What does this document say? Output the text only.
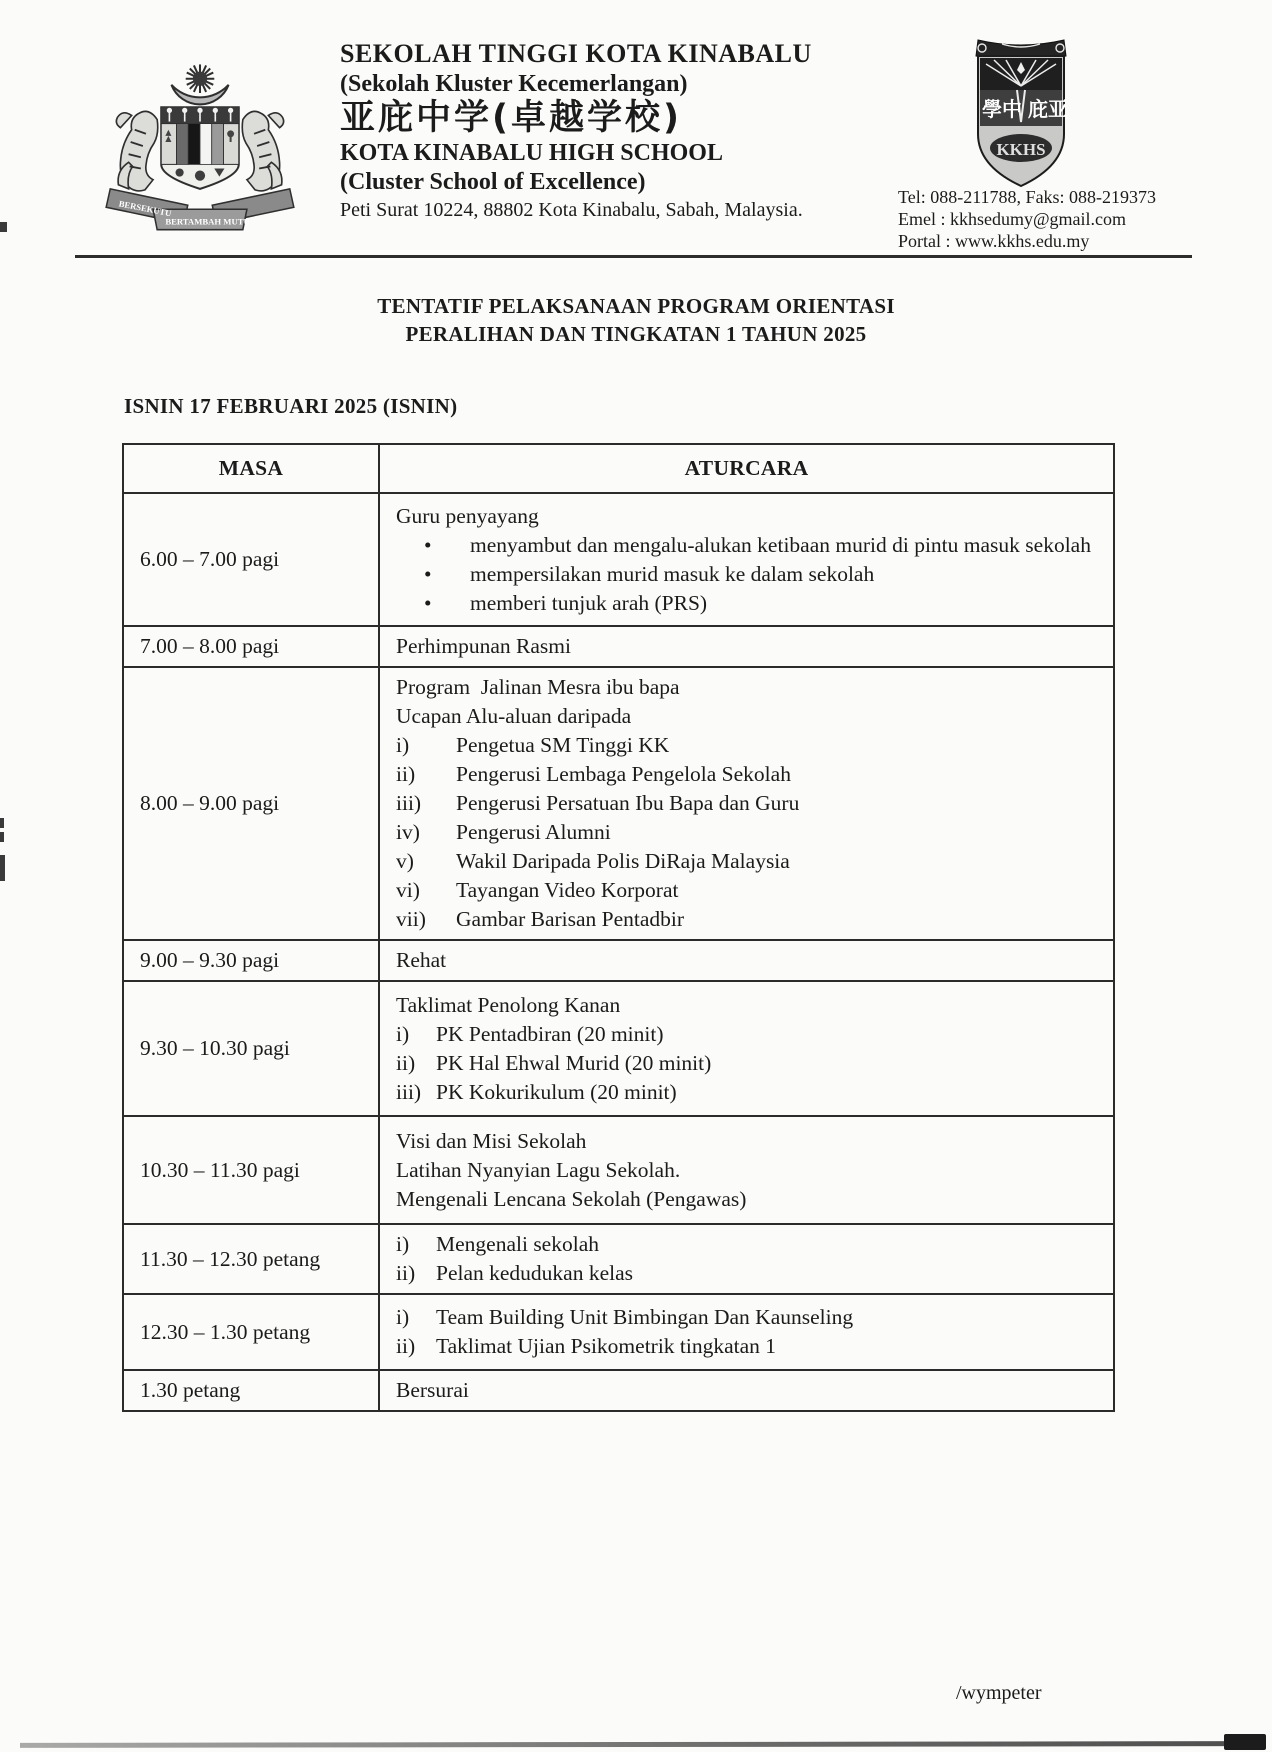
BERSEKUTU
BERTAMBAH MUTU
SEKOLAH TINGGI KOTA KINABALU
(Sekolah Kluster Kecemerlangan)
亚庇中学(卓越学校)
KOTA KINABALU HIGH SCHOOL
(Cluster School of Excellence)
Peti Surat 10224, 88802 Kota Kinabalu, Sabah, Malaysia.
學中 庇亚
KKHS
Tel: 088-211788, Faks: 088-219373
Emel : kkhsedumy@gmail.com
Portal : www.kkhs.edu.my
TENTATIF PELAKSANAAN PROGRAM ORIENTASI
PERALIHAN DAN TINGKATAN 1 TAHUN 2025
ISNIN 17 FEBRUARI 2025 (ISNIN)
MASA	ATURCARA
6.00 – 7.00 pagi	
Guru penyayang
•	menyambut dan mengalu-alukan ketibaan murid di pintu masuk sekolah
•	mempersilakan murid masuk ke dalam sekolah
•	memberi tunjuk arah (PRS)

7.00 – 8.00 pagi	Perhimpunan Rasmi

8.00 – 9.00 pagi	
Program  Jalinan Mesra ibu bapa
Ucapan Alu-aluan daripada
i)	Pengetua SM Tinggi KK
ii)	Pengerusi Lembaga Pengelola Sekolah
iii)	Pengerusi Persatuan Ibu Bapa dan Guru
iv)	Pengerusi Alumni
v)	Wakil Daripada Polis DiRaja Malaysia
vi)	Tayangan Video Korporat
vii)	Gambar Barisan Pentadbir

9.00 – 9.30 pagi	Rehat

9.30 – 10.30 pagi	
Taklimat Penolong Kanan
i)	PK Pentadbiran (20 minit)
ii) PK Hal Ehwal Murid (20 minit)
iii) PK Kokurikulum (20 minit)

10.30 – 11.30 pagi	Visi dan Misi Sekolah
Latihan Nyanyian Lagu Sekolah.
Mengenali Lencana Sekolah (Pengawas)

11.30 – 12.30 petang	i) Mengenali sekolah
ii) Pelan kedudukan kelas

12.30 – 1.30 petang	i) Team Building Unit Bimbingan Dan Kaunseling
ii) Taklimat Ujian Psikometrik tingkatan 1

1.30 petang	Bersurai
/wympeter
